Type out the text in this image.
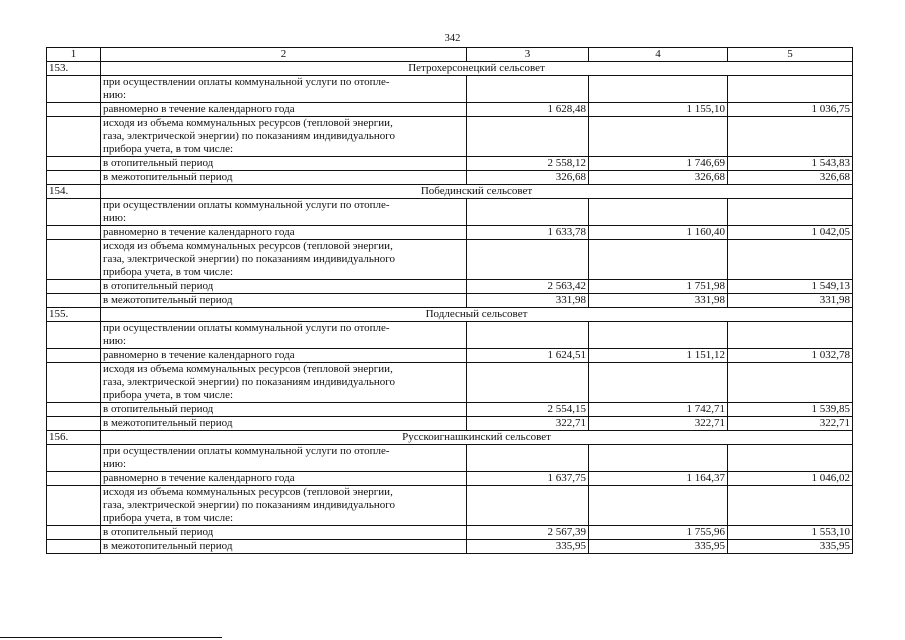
342
1	2	3	4	5
153.	Петрохерсонецкий сельсовет			
	при осуществлении оплаты коммунальной услуги по отопле-
нию:			
	равномерно в течение календарного года	1 628,48	1 155,10	1 036,75
	исходя из объема коммунальных ресурсов (тепловой энергии,
газа, электрической энергии) по показаниям индивидуального
прибора учета, в том числе:			
	в отопительный период	2 558,12	1 746,69	1 543,83
	в межотопительный период	326,68	326,68	326,68
154.	Побединский сельсовет			
	при осуществлении оплаты коммунальной услуги по отопле-
нию:			
	равномерно в течение календарного года	1 633,78	1 160,40	1 042,05
	исходя из объема коммунальных ресурсов (тепловой энергии,
газа, электрической энергии) по показаниям индивидуального
прибора учета, в том числе:			
	в отопительный период	2 563,42	1 751,98	1 549,13
	в межотопительный период	331,98	331,98	331,98
155.	Подлесный сельсовет			
	при осуществлении оплаты коммунальной услуги по отопле-
нию:			
	равномерно в течение календарного года	1 624,51	1 151,12	1 032,78
	исходя из объема коммунальных ресурсов (тепловой энергии,
газа, электрической энергии) по показаниям индивидуального
прибора учета, в том числе:			
	в отопительный период	2 554,15	1 742,71	1 539,85
	в межотопительный период	322,71	322,71	322,71
156.	Русскоигнашкинский сельсовет			
	при осуществлении оплаты коммунальной услуги по отопле-
нию:			
	равномерно в течение календарного года	1 637,75	1 164,37	1 046,02
	исходя из объема коммунальных ресурсов (тепловой энергии,
газа, электрической энергии) по показаниям индивидуального
прибора учета, в том числе:			
	в отопительный период	2 567,39	1 755,96	1 553,10
	в межотопительный период	335,95	335,95	335,95
